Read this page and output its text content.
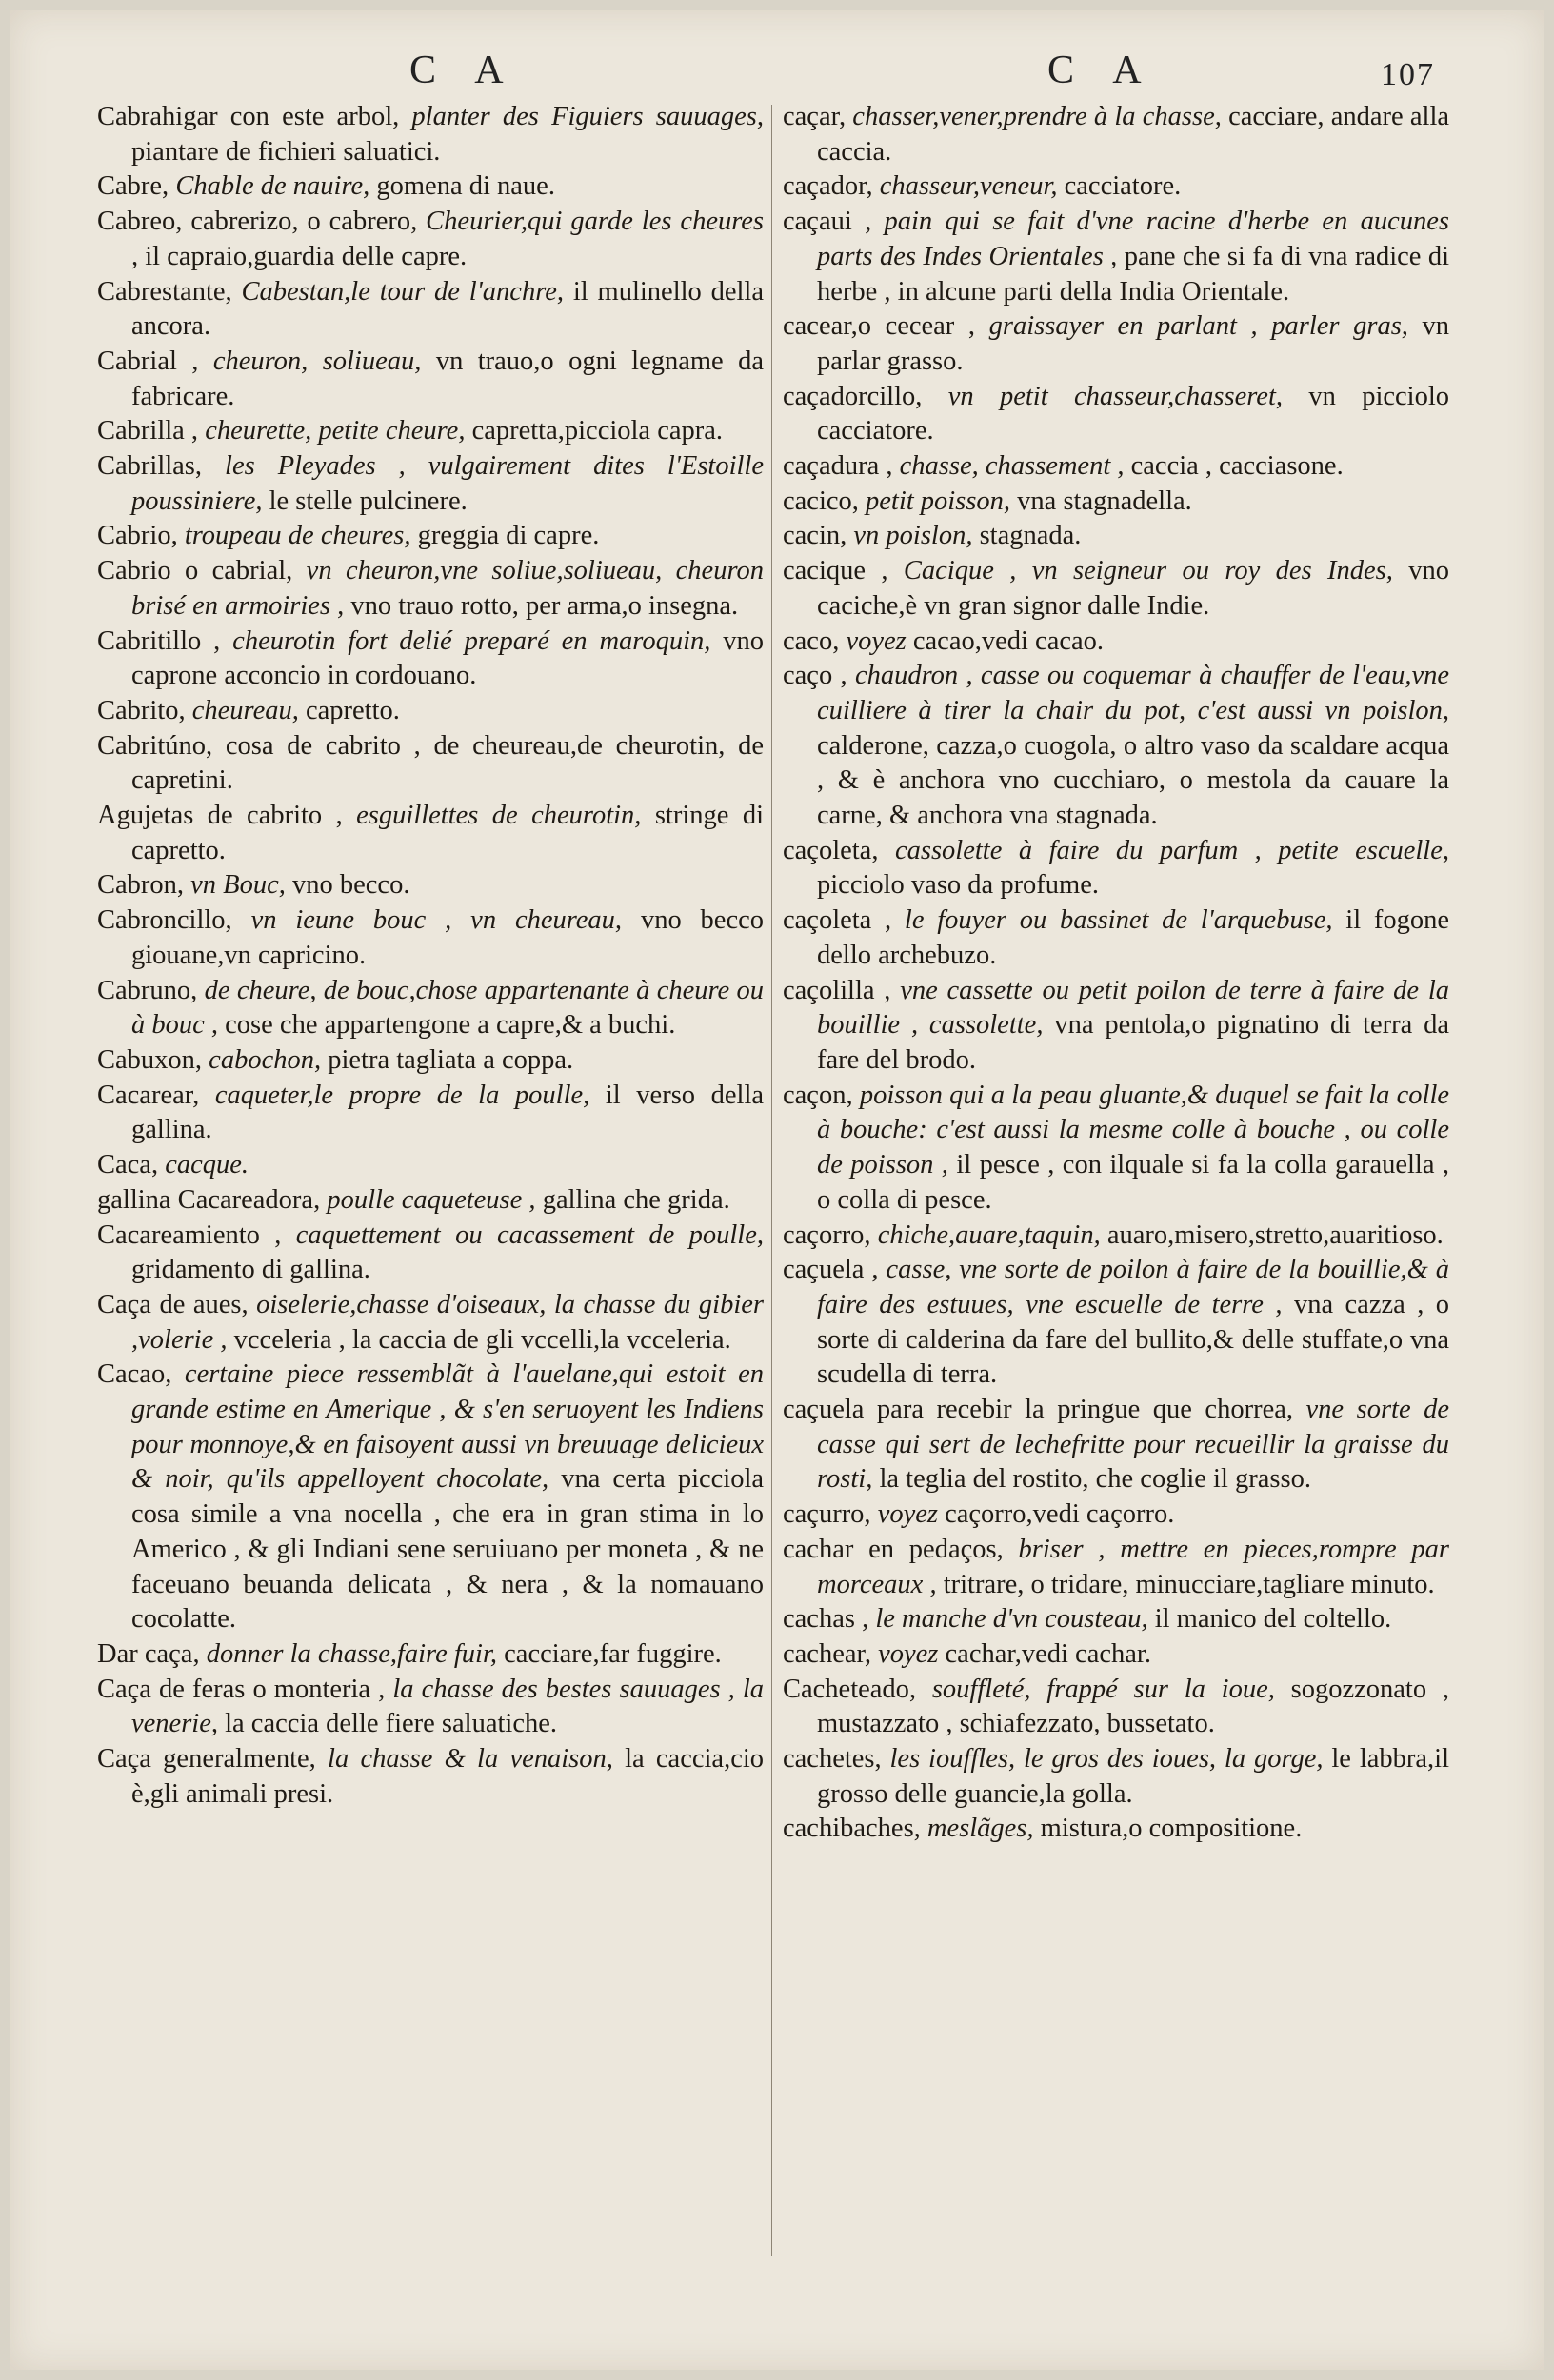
C A	C A	107
Cabrahigar con este arbol, planter des Figuiers sauuages, piantare de fichieri saluatici.
Cabre, Chable de nauire, gomena di naue.
Cabreo, cabrerizo, o cabrero, Cheurier,qui garde les cheures , il capraio,guardia delle capre.
Cabrestante, Cabestan,le tour de l'anchre, il mulinello della ancora.
Cabrial , cheuron, soliueau, vn trauo,o ogni legname da fabricare.
Cabrilla , cheurette, petite cheure, capretta,picciola capra.
Cabrillas, les Pleyades , vulgairement dites l'Estoille poussiniere, le stelle pulcinere.
Cabrio, troupeau de cheures, greggia di capre.
Cabrio o cabrial, vn cheuron,vne soliue,soliueau, cheuron brisé en armoiries , vno trauo rotto, per arma,o insegna.
Cabritillo , cheurotin fort delié preparé en maroquin, vno caprone acconcio in cordouano.
Cabrito, cheureau, capretto.
Cabritúno, cosa de cabrito , de cheureau,de cheurotin, de capretini.
Agujetas de cabrito , esguillettes de cheurotin, stringe di capretto.
Cabron, vn Bouc, vno becco.
Cabroncillo, vn ieune bouc , vn cheureau, vno becco giouane,vn capricino.
Cabruno, de cheure, de bouc,chose appartenante à cheure ou à bouc , cose che appartengone a capre,& a buchi.
Cabuxon, cabochon, pietra tagliata a coppa.
Cacarear, caqueter,le propre de la poulle, il verso della gallina.
Caca, cacque.
gallina Cacareadora, poulle caqueteuse , gallina che grida.
Cacareamiento , caquettement ou cacassement de poulle, gridamento di gallina.
Caça de aues, oiselerie,chasse d'oiseaux, la chasse du gibier ,volerie , vcceleria , la caccia de gli vccelli,la vcceleria.
Cacao, certaine piece ressemblãt à l'auelane,qui estoit en grande estime en Amerique , & s'en seruoyent les Indiens pour monnoye,& en faisoyent aussi vn breuuage delicieux & noir, qu'ils appelloyent chocolate, vna certa picciola cosa simile a vna nocella , che era in gran stima in lo Americo , & gli Indiani sene seruiuano per moneta , & ne faceuano beuanda delicata , & nera , & la nomauano cocolatte.
Dar caça, donner la chasse,faire fuir, cacciare,far fuggire.
Caça de feras o monteria , la chasse des bestes sauuages , la venerie, la caccia delle fiere saluatiche.
Caça generalmente, la chasse & la venaison, la caccia,cio è,gli animali presi.
caçar, chasser,vener,prendre à la chasse, cacciare, andare alla caccia.
caçador, chasseur,veneur, cacciatore.
caçaui , pain qui se fait d'vne racine d'herbe en aucunes parts des Indes Orientales , pane che si fa di vna radice di herbe , in alcune parti della India Orientale.
cacear,o cecear , graissayer en parlant , parler gras, vn parlar grasso.
caçadorcillo, vn petit chasseur,chasseret, vn picciolo cacciatore.
caçadura , chasse, chassement , caccia , cacciasone.
cacico, petit poisson, vna stagnadella.
cacin, vn poislon, stagnada.
cacique , Cacique , vn seigneur ou roy des Indes, vno caciche,è vn gran signor dalle Indie.
caco, voyez cacao,vedi cacao.
caço , chaudron , casse ou coquemar à chauffer de l'eau,vne cuilliere à tirer la chair du pot, c'est aussi vn poislon, calderone, cazza,o cuogola, o altro vaso da scaldare acqua , & è anchora vno cucchiaro, o mestola da cauare la carne, & anchora vna stagnada.
caçoleta, cassolette à faire du parfum , petite escuelle, picciolo vaso da profume.
caçoleta , le fouyer ou bassinet de l'arquebuse, il fogone dello archebuzo.
caçolilla , vne cassette ou petit poilon de terre à faire de la bouillie , cassolette, vna pentola,o pignatino di terra da fare del brodo.
caçon, poisson qui a la peau gluante,& duquel se fait la colle à bouche: c'est aussi la mesme colle à bouche , ou colle de poisson , il pesce , con ilquale si fa la colla garauella , o colla di pesce.
caçorro, chiche,auare,taquin, auaro,misero,stretto,auaritioso.
caçuela , casse, vne sorte de poilon à faire de la bouillie,& à faire des estuues, vne escuelle de terre , vna cazza , o sorte di calderina da fare del bullito,& delle stuffate,o vna scudella di terra.
caçuela para recebir la pringue que chorrea, vne sorte de casse qui sert de lechefritte pour recueillir la graisse du rosti, la teglia del rostito, che coglie il grasso.
caçurro, voyez caçorro,vedi caçorro.
cachar en pedaços, briser , mettre en pieces,rompre par morceaux , tritrare, o tridare, minucciare,tagliare minuto.
cachas , le manche d'vn cousteau, il manico del coltello.
cachear, voyez cachar,vedi cachar.
Cacheteado, souffleté, frappé sur la ioue, sogozzonato , mustazzato , schiafezzato, bussetato.
cachetes, les iouffles, le gros des ioues, la gorge, le labbra,il grosso delle guancie,la golla.
cachibaches, meslãges, mistura,o compositione.
